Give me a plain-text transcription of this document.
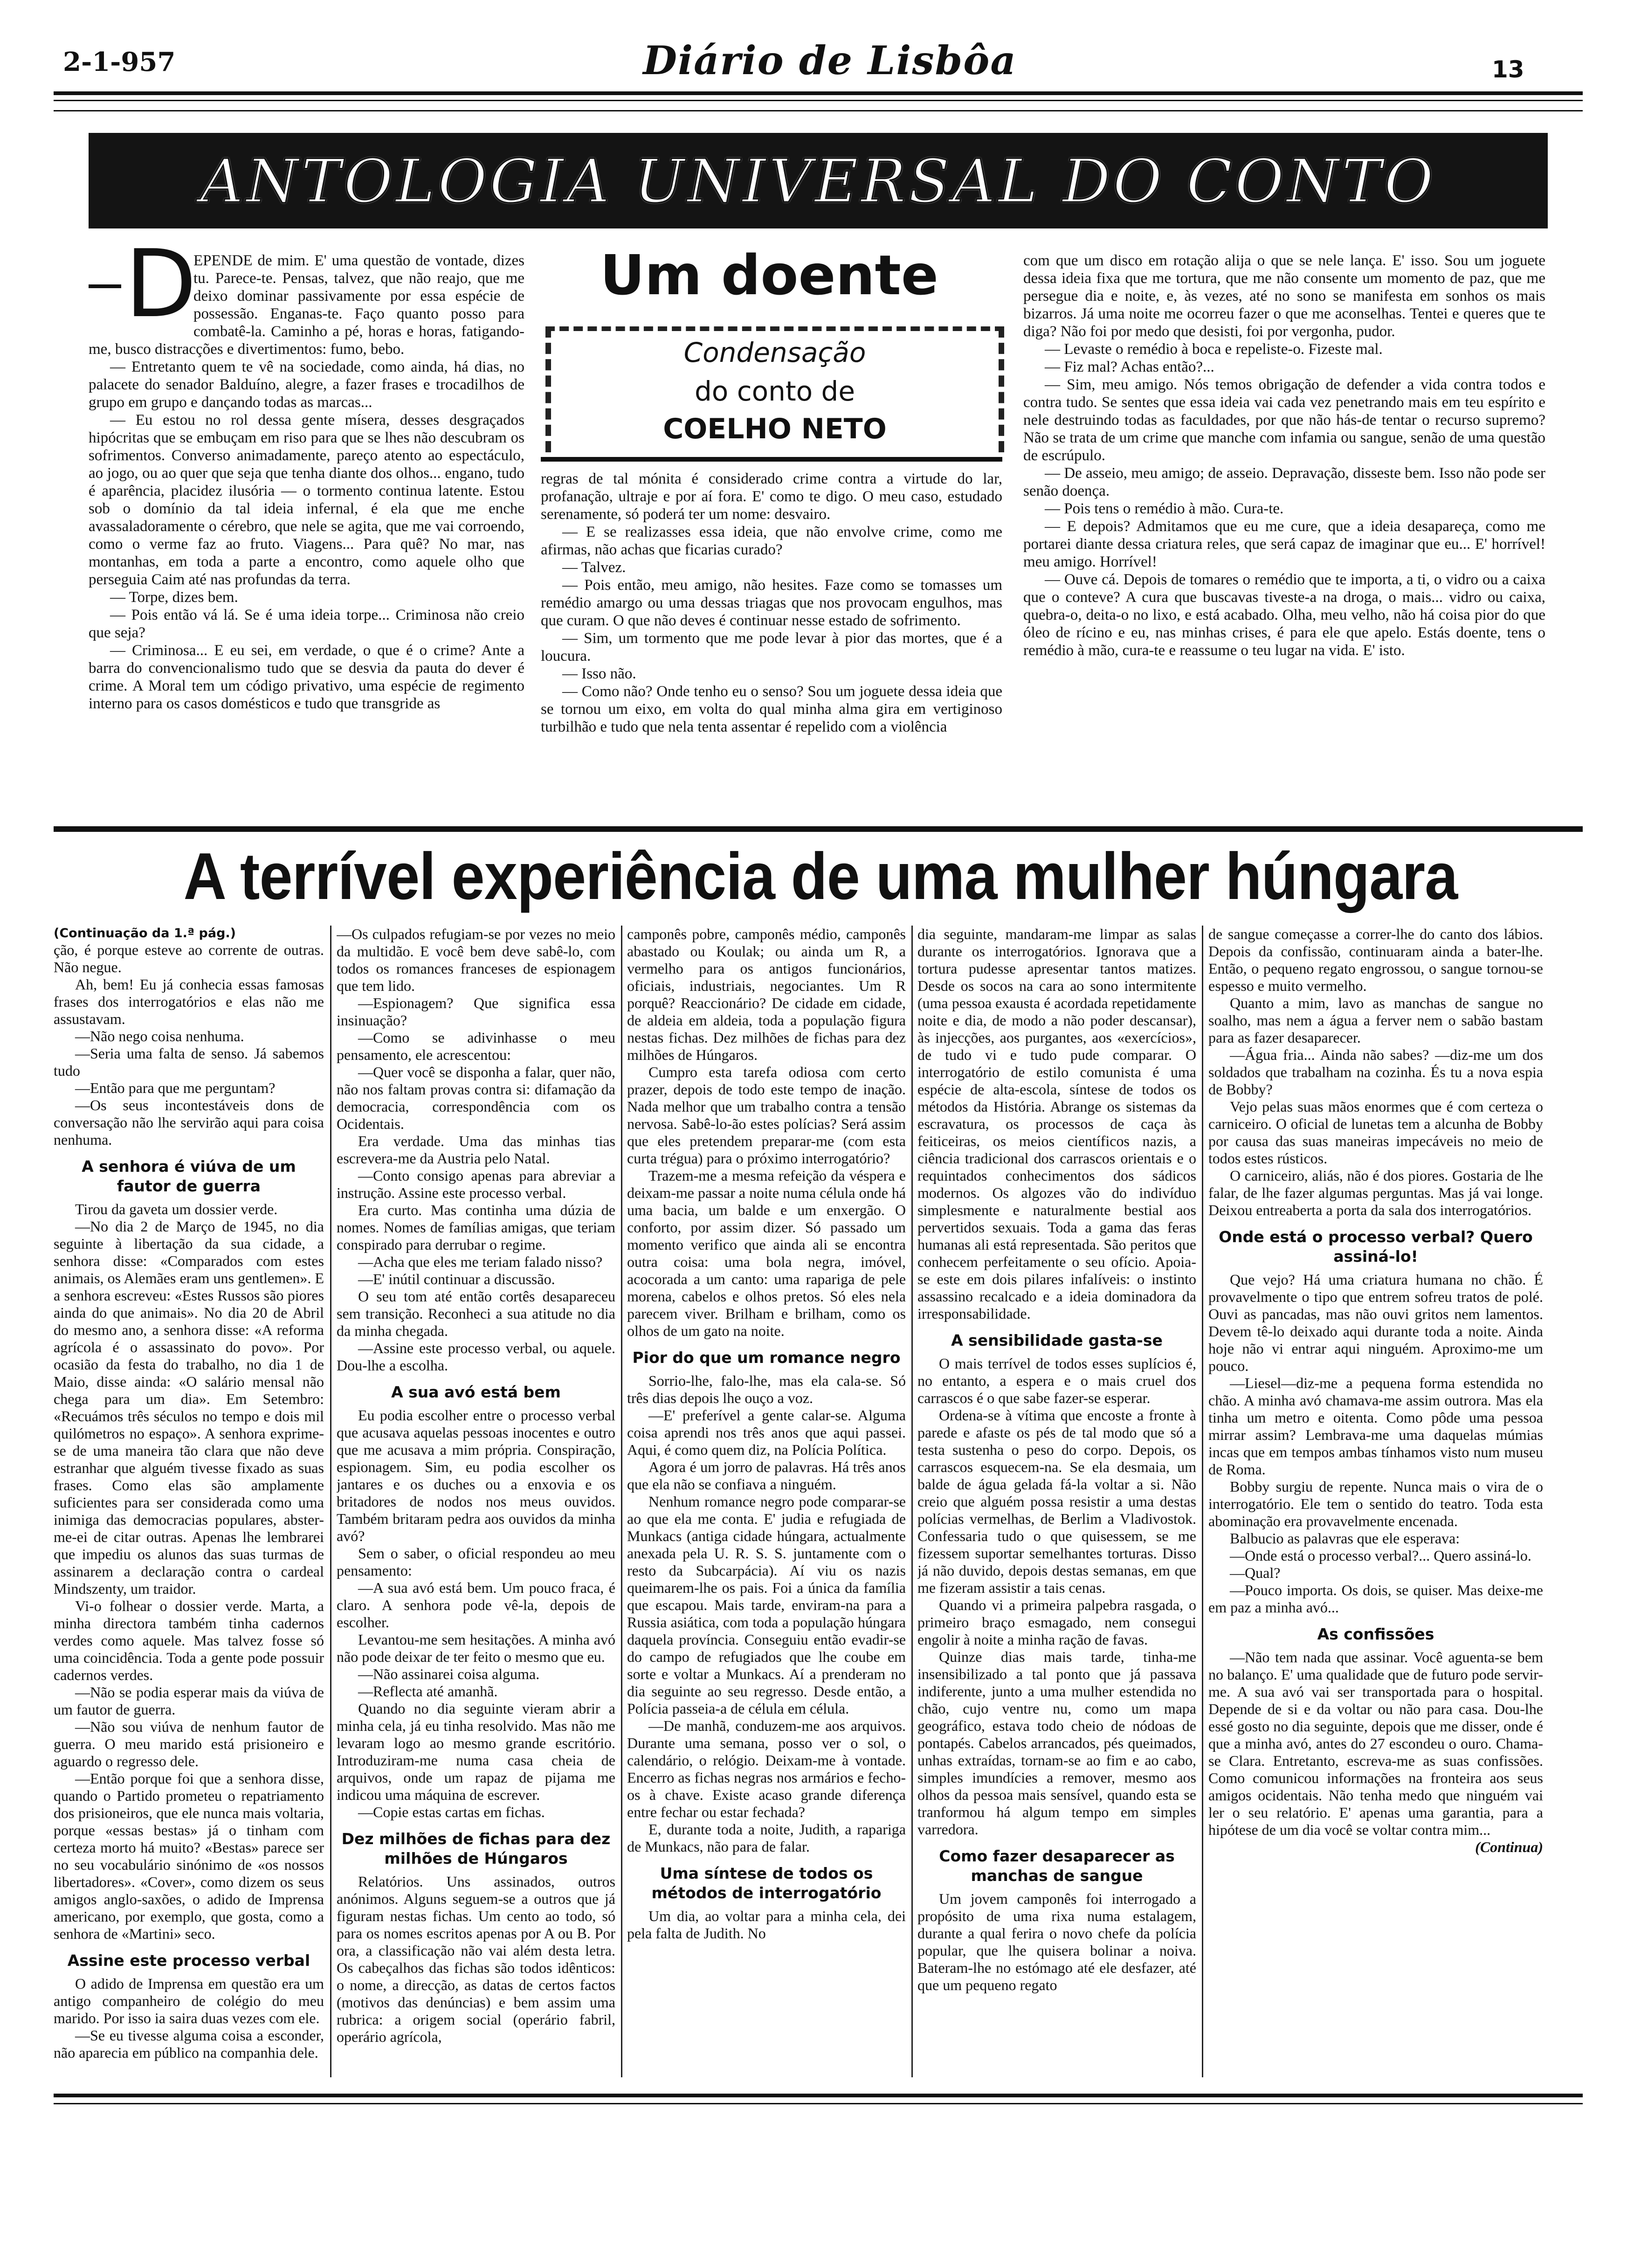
2-1-957	Diário de Lisbôa	13
ANTOLOGIA UNIVERSAL DO CONTO
D

EPENDE de mim. E' uma questão de vontade, dizes tu. Parece-te. Pensas, talvez, que não reajo, que me deixo dominar passivamente por essa espécie de possessão. Enganas-te. Faço quanto posso para combatê-la. Caminho a pé, horas e horas, fatigando-me, busco distracções e divertimentos: fumo, bebo.

— Entretanto quem te vê na sociedade, como ainda, há dias, no palacete do senador Balduíno, alegre, a fazer frases e trocadilhos de grupo em grupo e dançando todas as marcas...

— Eu estou no rol dessa gente mísera, desses desgraçados hipócritas que se embuçam em riso para que se lhes não descubram os sofrimentos. Converso animadamente, pareço atento ao espectáculo, ao jogo, ou ao quer que seja que tenha diante dos olhos... engano, tudo é aparência, placidez ilusória — o tormento continua latente. Estou sob o domínio da tal ideia infernal, é ela que me enche avassaladoramente o cérebro, que nele se agita, que me vai corroendo, como o verme faz ao fruto. Viagens... Para quê? No mar, nas montanhas, em toda a parte a encontro, como aquele olho que perseguia Caim até nas profundas da terra.

— Torpe, dizes bem.

— Pois então vá lá. Se é uma ideia torpe... Criminosa não creio que seja?

— Criminosa... E eu sei, em verdade, o que é o crime? Ante a barra do convencionalismo tudo que se desvia da pauta do dever é crime. A Moral tem um código privativo, uma espécie de regimento interno para os casos domésticos e tudo que transgride as

Um doente
Condensação
do conto de
COELHO NETO

regras de tal mónita é considerado crime contra a virtude do lar, profanação, ultraje e por aí fora. E' como te digo. O meu caso, estudado serenamente, só poderá ter um nome: desvairo.

— E se realizasses essa ideia, que não envolve crime, como me afirmas, não achas que ficarias curado?

— Talvez.

— Pois então, meu amigo, não hesites. Faze como se tomasses um remédio amargo ou uma dessas triagas que nos provocam engulhos, mas que curam. O que não deves é continuar nesse estado de sofrimento.

— Sim, um tormento que me pode levar à pior das mortes, que é a loucura.

— Isso não.

— Como não? Onde tenho eu o senso? Sou um joguete dessa ideia que se tornou um eixo, em volta do qual minha alma gira em vertiginoso turbilhão e tudo que nela tenta assentar é repelido com a violência

com que um disco em rotação alija o que se nele lança. E' isso. Sou um joguete dessa ideia fixa que me tortura, que me não consente um momento de paz, que me persegue dia e noite, e, às vezes, até no sono se manifesta em sonhos os mais bizarros. Já uma noite me ocorreu fazer o que me aconselhas. Tentei e queres que te diga? Não foi por medo que desisti, foi por vergonha, pudor.

— Levaste o remédio à boca e repeliste-o. Fizeste mal.

— Fiz mal? Achas então?...

— Sim, meu amigo. Nós temos obrigação de defender a vida contra todos e contra tudo. Se sentes que essa ideia vai cada vez penetrando mais em teu espírito e nele destruindo todas as faculdades, por que não hás-de tentar o recurso supremo? Não se trata de um crime que manche com infamia ou sangue, senão de uma questão de escrúpulo.

— De asseio, meu amigo; de asseio. Depravação, disseste bem. Isso não pode ser senão doença.

— Pois tens o remédio à mão. Cura-te.

— E depois? Admitamos que eu me cure, que a ideia desapareça, como me portarei diante dessa criatura reles, que será capaz de imaginar que eu... E' horrível! meu amigo. Horrível!

— Ouve cá. Depois de tomares o remédio que te importa, a ti, o vidro ou a caixa que o conteve? A cura que buscavas tiveste-a na droga, o mais... vidro ou caixa, quebra-o, deita-o no lixo, e está acabado. Olha, meu velho, não há coisa pior do que óleo de rícino e eu, nas minhas crises, é para ele que apelo. Estás doente, tens o remédio à mão, cura-te e reassume o teu lugar na vida. E' isto.

A terrível experiência de uma mulher húngara

(Continuação da 1.ª pág.)

ção, é porque esteve ao corrente de outras. Não negue.

Ah, bem! Eu já conhecia essas famosas frases dos interrogatórios e elas não me assustavam.

—Não nego coisa nenhuma.

—Seria uma falta de senso. Já sabemos tudo

—Então para que me perguntam?

—Os seus incontestáveis dons de conversação não lhe servirão aqui para coisa nenhuma.

A senhora é viúva de um fautor de guerra

Tirou da gaveta um dossier verde.

—No dia 2 de Março de 1945, no dia seguinte à libertação da sua cidade, a senhora disse: «Comparados com estes animais, os Alemães eram uns gentlemen». E a senhora escreveu: «Estes Russos são piores ainda do que animais». No dia 20 de Abril do mesmo ano, a senhora disse: «A reforma agrícola é o assassinato do povo». Por ocasião da festa do trabalho, no dia 1 de Maio, disse ainda: «O salário mensal não chega para um dia». Em Setembro: «Recuámos três séculos no tempo e dois mil quilómetros no espaço». A senhora exprime-se de uma maneira tão clara que não deve estranhar que alguém tivesse fixado as suas frases. Como elas são amplamente suficientes para ser considerada como uma inimiga das democracias populares, abster-me-ei de citar outras. Apenas lhe lembrarei que impediu os alunos das suas turmas de assinarem a declaração contra o cardeal Mindszenty, um traidor.

Vi-o folhear o dossier verde. Marta, a minha directora também tinha cadernos verdes como aquele. Mas talvez fosse só uma coincidência. Toda a gente pode possuir cadernos verdes.

—Não se podia esperar mais da viúva de um fautor de guerra.

—Não sou viúva de nenhum fautor de guerra. O meu marido está prisioneiro e aguardo o regresso dele.

—Então porque foi que a senhora disse, quando o Partido prometeu o repatriamento dos prisioneiros, que ele nunca mais voltaria, porque «essas bestas» já o tinham com certeza morto há muito? «Bestas» parece ser no seu vocabulário sinónimo de «os nossos libertadores». «Cover», como dizem os seus amigos anglo-saxões, o adido de Imprensa americano, por exemplo, que gosta, como a senhora de «Martini» seco.

Assine este processo verbal

O adido de Imprensa em questão era um antigo companheiro de colégio do meu marido. Por isso ia saira duas vezes com ele.

—Se eu tivesse alguma coisa a esconder, não aparecia em público na companhia dele.

—Os culpados refugiam-se por vezes no meio da multidão. E você bem deve sabê-lo, com todos os romances franceses de espionagem que tem lido.

—Espionagem? Que significa essa insinuação?

—Como se adivinhasse o meu pensamento, ele acrescentou:

—Quer você se disponha a falar, quer não, não nos faltam provas contra si: difamação da democracia, correspondência com os Ocidentais.

Era verdade. Uma das minhas tias escrevera-me da Austria pelo Natal.

—Conto consigo apenas para abreviar a instrução. Assine este processo verbal.

Era curto. Mas continha uma dúzia de nomes. Nomes de famílias amigas, que teriam conspirado para derrubar o regime.

—Acha que eles me teriam falado nisso?

—E' inútil continuar a discussão.

O seu tom até então cortês desapareceu sem transição. Reconheci a sua atitude no dia da minha chegada.

—Assine este processo verbal, ou aquele. Dou-lhe a escolha.

A sua avó está bem

Eu podia escolher entre o processo verbal que acusava aquelas pessoas inocentes e outro que me acusava a mim própria. Conspiração, espionagem. Sim, eu podia escolher os jantares e os duches ou a enxovia e os britadores de nodos nos meus ouvidos. Também britaram pedra aos ouvidos da minha avó?

Sem o saber, o oficial respondeu ao meu pensamento:

—A sua avó está bem. Um pouco fraca, é claro. A senhora pode vê-la, depois de escolher.

Levantou-me sem hesitações. A minha avó não pode deixar de ter feito o mesmo que eu.

—Não assinarei coisa alguma.

—Reflecta até amanhã.

Quando no dia seguinte vieram abrir a minha cela, já eu tinha resolvido. Mas não me levaram logo ao mesmo grande escritório. Introduziram-me numa casa cheia de arquivos, onde um rapaz de pijama me indicou uma máquina de escrever.

—Copie estas cartas em fichas.

Dez milhões de fichas para dez milhões de Húngaros

Relatórios. Uns assinados, outros anónimos. Alguns seguem-se a outros que já figuram nestas fichas. Um cento ao todo, só para os nomes escritos apenas por A ou B. Por ora, a classificação não vai além desta letra. Os cabeçalhos das fichas são todos idênticos: o nome, a direcção, as datas de certos factos (motivos das denúncias) e bem assim uma rubrica: a origem social (operário fabril, operário agrícola,

camponês pobre, camponês médio, camponês abastado ou Koulak; ou ainda um R, a vermelho para os antigos funcionários, oficiais, industriais, negociantes. Um R porquê? Reaccionário? De cidade em cidade, de aldeia em aldeia, toda a população figura nestas fichas. Dez milhões de fichas para dez milhões de Húngaros.

Cumpro esta tarefa odiosa com certo prazer, depois de todo este tempo de inação. Nada melhor que um trabalho contra a tensão nervosa. Sabê-lo-ão estes polícias? Será assim que eles pretendem preparar-me (com esta curta trégua) para o próximo interrogatório?

Trazem-me a mesma refeição da véspera e deixam-me passar a noite numa célula onde há uma bacia, um balde e um enxergão. O conforto, por assim dizer. Só passado um momento verifico que ainda ali se encontra outra coisa: uma bola negra, imóvel, acocorada a um canto: uma rapariga de pele morena, cabelos e olhos pretos. Só eles nela parecem viver. Brilham e brilham, como os olhos de um gato na noite.

Pior do que um romance negro

Sorrio-lhe, falo-lhe, mas ela cala-se. Só três dias depois lhe ouço a voz.

—E' preferível a gente calar-se. Alguma coisa aprendi nos três anos que aqui passei. Aqui, é como quem diz, na Polícia Política.

Agora é um jorro de palavras. Há três anos que ela não se confiava a ninguém.

Nenhum romance negro pode comparar-se ao que ela me conta. E' judia e refugiada de Munkacs (antiga cidade húngara, actualmente anexada pela U. R. S. S. juntamente com o resto da Subcarpácia). Aí viu os nazis queimarem-lhe os pais. Foi a única da família que escapou. Mais tarde, enviram-na para a Russia asiática, com toda a população húngara daquela província. Conseguiu então evadir-se do campo de refugiados que lhe coube em sorte e voltar a Munkacs. Aí a prenderam no dia seguinte ao seu regresso. Desde então, a Polícia passeia-a de célula em célula.

—De manhã, conduzem-me aos arquivos. Durante uma semana, posso ver o sol, o calendário, o relógio. Deixam-me à vontade. Encerro as fichas negras nos armários e fecho-os à chave. Existe acaso grande diferença entre fechar ou estar fechada?

E, durante toda a noite, Judith, a rapariga de Munkacs, não para de falar.

Uma síntese de todos os métodos de interrogatório

Um dia, ao voltar para a minha cela, dei pela falta de Judith. No

dia seguinte, mandaram-me limpar as salas durante os interrogatórios. Ignorava que a tortura pudesse apresentar tantos matizes. Desde os socos na cara ao sono intermitente (uma pessoa exausta é acordada repetidamente noite e dia, de modo a não poder descansar), às injecções, aos purgantes, aos «exercícios», de tudo vi e tudo pude comparar. O interrogatório de estilo comunista é uma espécie de alta-escola, síntese de todos os métodos da História. Abrange os sistemas da escravatura, os processos de caça às feiticeiras, os meios científicos nazis, a ciência tradicional dos carrascos orientais e o requintados conhecimentos dos sádicos modernos. Os algozes vão do indivíduo simplesmente e naturalmente bestial aos pervertidos sexuais. Toda a gama das feras humanas ali está representada. São peritos que conhecem perfeitamente o seu ofício. Apoia-se este em dois pilares infalíveis: o instinto assassino recalcado e a ideia dominadora da irresponsabilidade.

A sensibilidade gasta-se

O mais terrível de todos esses suplícios é, no entanto, a espera e o mais cruel dos carrascos é o que sabe fazer-se esperar.

Ordena-se à vítima que encoste a fronte à parede e afaste os pés de tal modo que só a testa sustenha o peso do corpo. Depois, os carrascos esquecem-na. Se ela desmaia, um balde de água gelada fá-la voltar a si. Não creio que alguém possa resistir a uma destas polícias vermelhas, de Berlim a Vladivostok. Confessaria tudo o que quisessem, se me fizessem suportar semelhantes torturas. Disso já não duvido, depois destas semanas, em que me fizeram assistir a tais cenas.

Quando vi a primeira palpebra rasgada, o primeiro braço esmagado, nem consegui engolir à noite a minha ração de favas.

Quinze dias mais tarde, tinha-me insensibilizado a tal ponto que já passava indiferente, junto a uma mulher estendida no chão, cujo ventre nu, como um mapa geográfico, estava todo cheio de nódoas de pontapés. Cabelos arrancados, pés queimados, unhas extraídas, tornam-se ao fim e ao cabo, simples imundícies a remover, mesmo aos olhos da pessoa mais sensível, quando esta se tranformou há algum tempo em simples varredora.

Como fazer desaparecer as manchas de sangue

Um jovem camponês foi interrogado a propósito de uma rixa numa estalagem, durante a qual ferira o novo chefe da polícia popular, que lhe quisera bolinar a noiva. Bateram-lhe no estómago até ele desfazer, até que um pequeno regato

de sangue começasse a correr-lhe do canto dos lábios. Depois da confissão, continuaram ainda a bater-lhe. Então, o pequeno regato engrossou, o sangue tornou-se espesso e muito vermelho.

Quanto a mim, lavo as manchas de sangue no soalho, mas nem a água a ferver nem o sabão bastam para as fazer desaparecer.

—Água fria... Ainda não sabes? —diz-me um dos soldados que trabalham na cozinha. És tu a nova espia de Bobby?

Vejo pelas suas mãos enormes que é com certeza o carniceiro. O oficial de lunetas tem a alcunha de Bobby por causa das suas maneiras impecáveis no meio de todos estes rústicos.

O carniceiro, aliás, não é dos piores. Gostaria de lhe falar, de lhe fazer algumas perguntas. Mas já vai longe. Deixou entreaberta a porta da sala dos interrogatórios.

Onde está o processo verbal? Quero assiná-lo!

Que vejo? Há uma criatura humana no chão. É provavelmente o tipo que entrem sofreu tratos de polé. Ouvi as pancadas, mas não ouvi gritos nem lamentos. Devem tê-lo deixado aqui durante toda a noite. Ainda hoje não vi entrar aqui ninguém. Aproximo-me um pouco.

—Liesel—diz-me a pequena forma estendida no chão. A minha avó chamava-me assim outrora. Mas ela tinha um metro e oitenta. Como pôde uma pessoa mirrar assim? Lembrava-me uma daquelas múmias incas que em tempos ambas tínhamos visto num museu de Roma.

Bobby surgiu de repente. Nunca mais o vira de o interrogatório. Ele tem o sentido do teatro. Toda esta abominação era provavelmente encenada.

Balbucio as palavras que ele esperava:

—Onde está o processo verbal?... Quero assiná-lo.

—Qual?

—Pouco importa. Os dois, se quiser. Mas deixe-me em paz a minha avó...

As confissões

—Não tem nada que assinar. Você aguenta-se bem no balanço. E' uma qualidade que de futuro pode servir-me. A sua avó vai ser transportada para o hospital. Depende de si e da voltar ou não para casa. Dou-lhe essé gosto no dia seguinte, depois que me disser, onde é que a minha avó, antes do 27 escondeu o ouro. Chama-se Clara. Entretanto, escreva-me as suas confissões. Como comunicou informações na fronteira aos seus amigos ocidentais. Não tenha medo que ninguém vai ler o seu relatório. E' apenas uma garantia, para a hipótese de um dia você se voltar contra mim...

(Continua)
